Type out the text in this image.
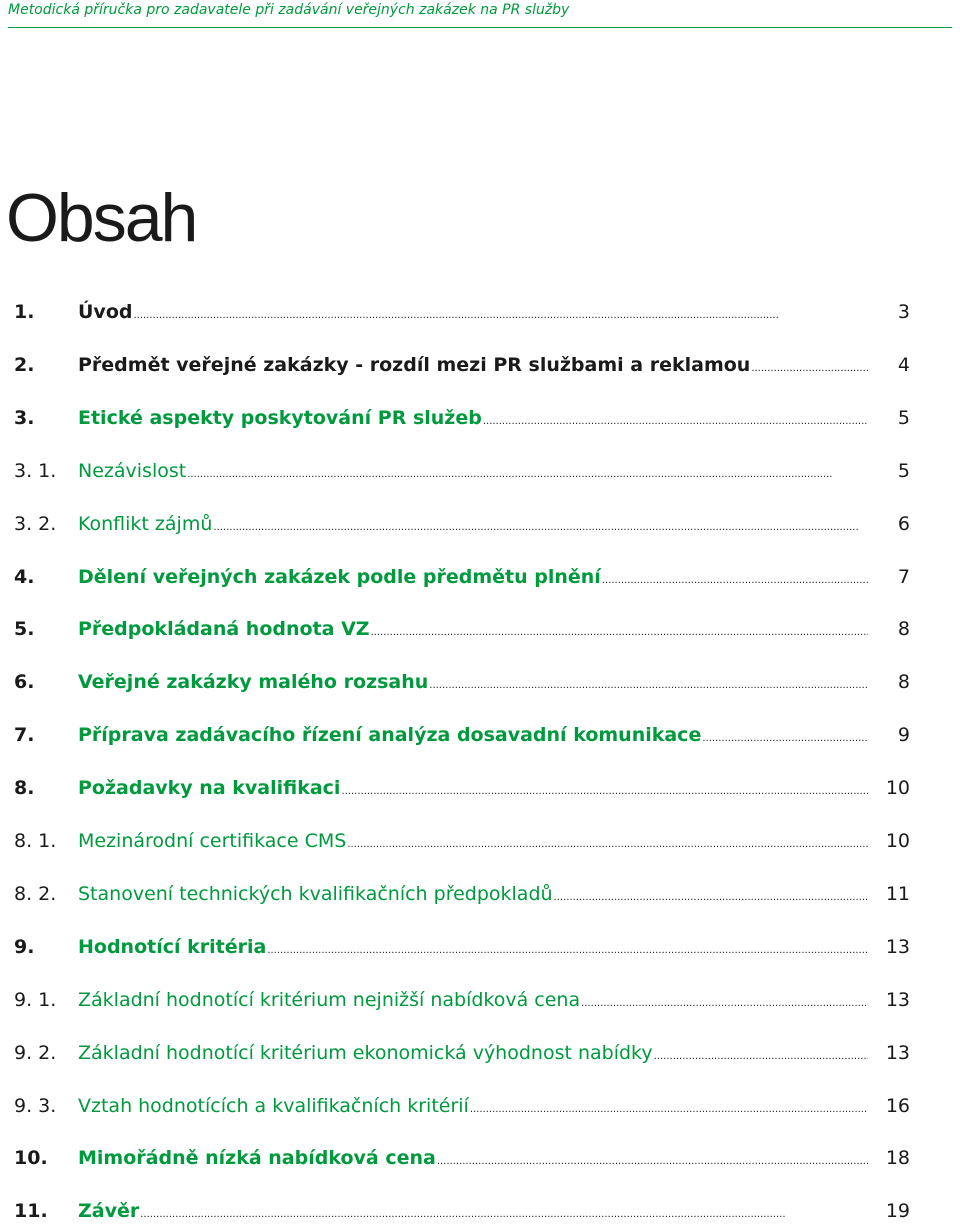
Metodická příručka pro zadavatele při zadávání veřejných zakázek na PR služby
Obsah
1. Úvod .....	3
2. Předmět veřejné zakázky - rozdíl mezi PR službami a reklamou .....	4
3. Etické aspekty poskytování PR služeb .....	5
3. 1. Nezávislost .....	5
3. 2. Konflikt zájmů .....	6
4. Dělení veřejných zakázek podle předmětu plnění .....	7
5. Předpokládaná hodnota VZ .....	8
6. Veřejné zakázky malého rozsahu .....	8
7. Příprava zadávacího řízení analýza dosavadní komunikace .....	9
8. Požadavky na kvalifikaci .....	10
8. 1. Mezinárodní certifikace CMS .....	10
8. 2. Stanovení technických kvalifikačních předpokladů .....	11
9. Hodnotící kritéria .....	13
9. 1. Základní hodnotící kritérium nejnižší nabídková cena .....	13
9. 2. Základní hodnotící kritérium ekonomická výhodnost nabídky .....	13
9. 3. Vztah hodnotících a kvalifikačních kritérií .....	16
10. Mimořádně nízká nabídková cena .....	18
11. Závěr .....	19
